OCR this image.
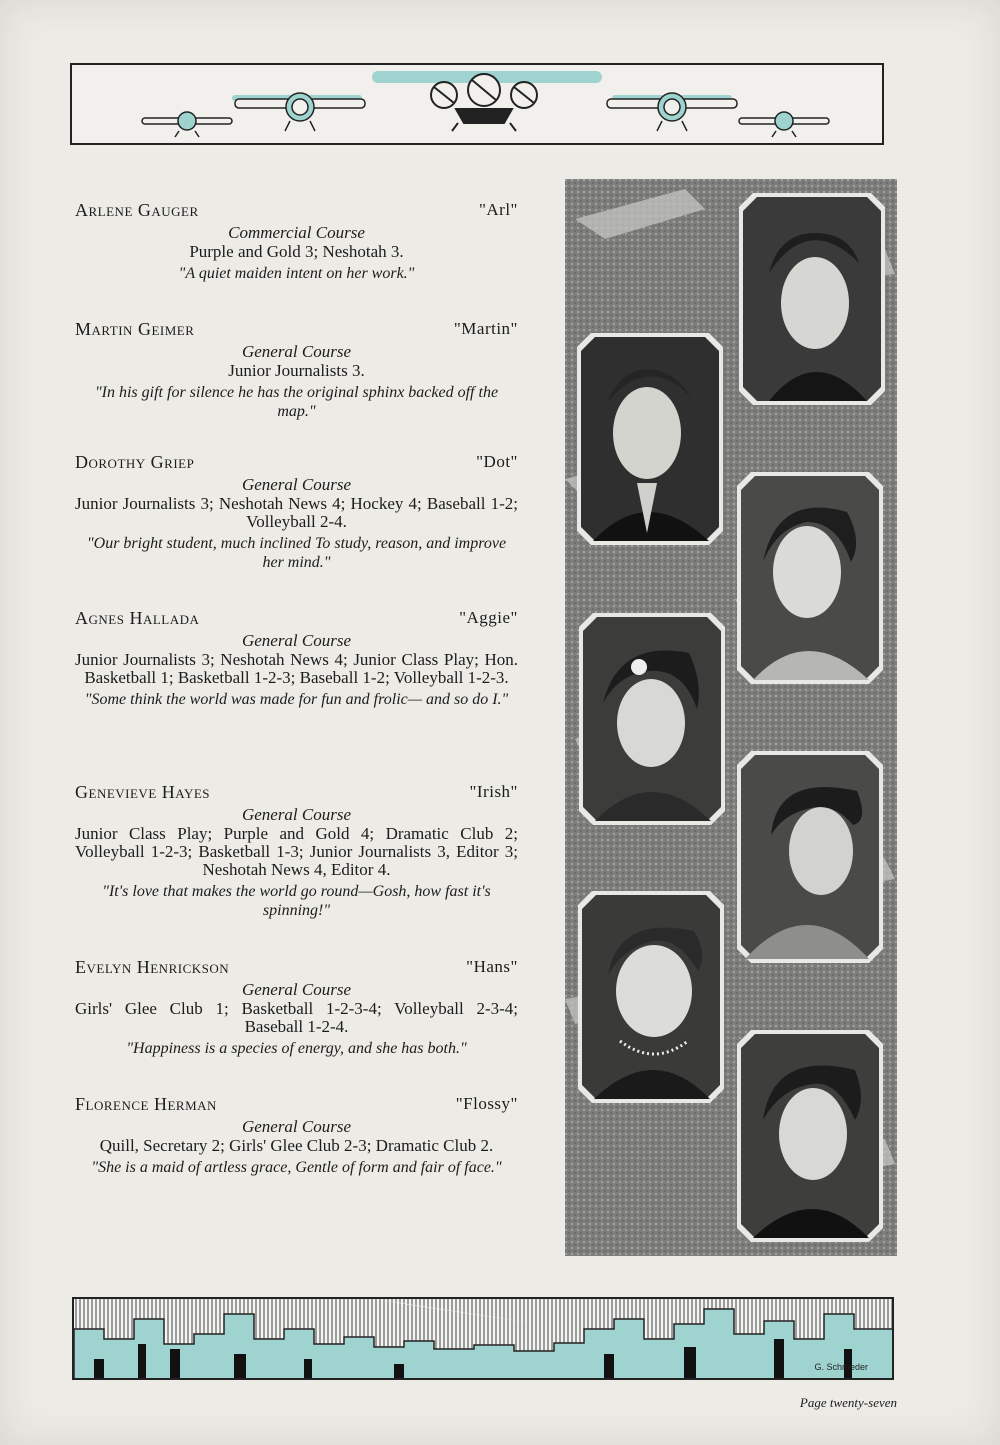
Arlene Gauger	"Arl"
Commercial Course
Purple and Gold 3; Neshotah 3.
"A quiet maiden intent on her work."
Martin Geimer	"Martin"
General Course
Junior Journalists 3.
"In his gift for silence he has the original sphinx backed off the map."
Dorothy Griep	"Dot"
General Course
Junior Journalists 3; Neshotah News 4; Hockey 4; Baseball 1-2; Volleyball 2-4.
"Our bright student, much inclined To study, reason, and improve her mind."
Agnes Hallada	"Aggie"
General Course
Junior Journalists 3; Neshotah News 4; Junior Class Play; Hon. Basketball 1; Basketball 1-2-3; Baseball 1-2; Volleyball 1-2-3.
"Some think the world was made for fun and frolic— and so do I."
Genevieve Hayes	"Irish"
General Course
Junior Class Play; Purple and Gold 4; Dramatic Club 2; Volleyball 1-2-3; Basketball 1-3; Junior Journalists 3, Editor 3; Neshotah News 4, Editor 4.
"It's love that makes the world go round—Gosh, how fast it's spinning!"
Evelyn Henrickson	"Hans"
General Course
Girls' Glee Club 1; Basketball 1-2-3-4; Volleyball 2-3-4; Baseball 1-2-4.
"Happiness is a species of energy, and she has both."
Florence Herman	"Flossy"
General Course
Quill, Secretary 2; Girls' Glee Club 2-3; Dramatic Club 2.
"She is a maid of artless grace, Gentle of form and fair of face."
G. Schroeder
Page twenty-seven
